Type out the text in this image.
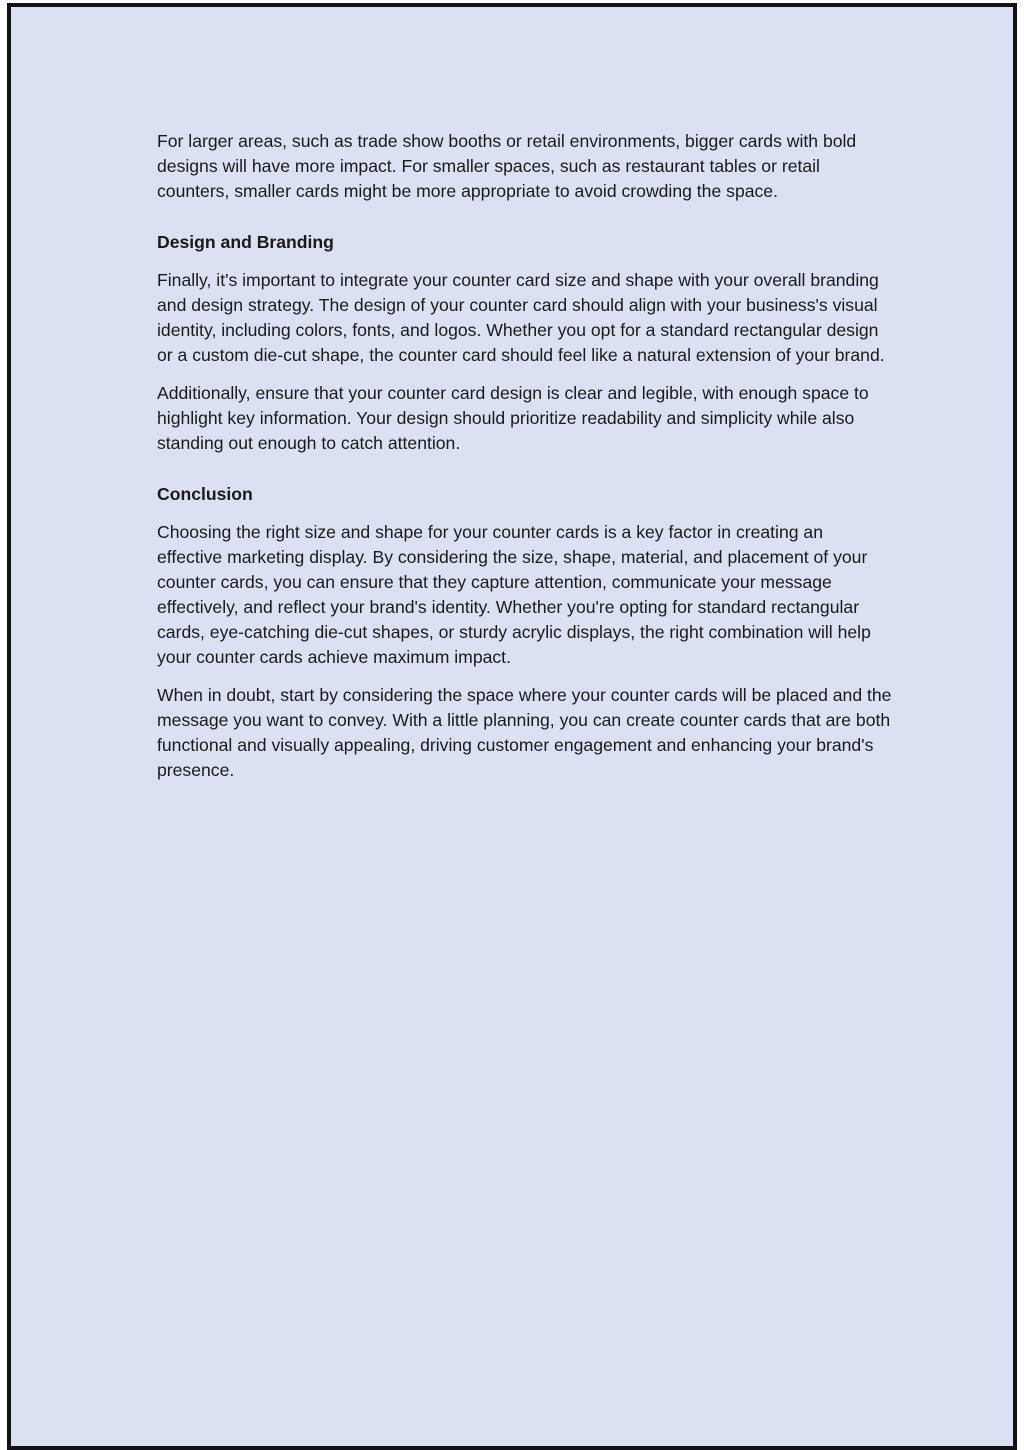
For larger areas, such as trade show booths or retail environments, bigger cards with bold designs will have more impact. For smaller spaces, such as restaurant tables or retail counters, smaller cards might be more appropriate to avoid crowding the space.

Design and Branding

Finally, it's important to integrate your counter card size and shape with your overall branding and design strategy. The design of your counter card should align with your business's visual identity, including colors, fonts, and logos. Whether you opt for a standard rectangular design or a custom die-cut shape, the counter card should feel like a natural extension of your brand.

Additionally, ensure that your counter card design is clear and legible, with enough space to highlight key information. Your design should prioritize readability and simplicity while also standing out enough to catch attention.

Conclusion

Choosing the right size and shape for your counter cards is a key factor in creating an effective marketing display. By considering the size, shape, material, and placement of your counter cards, you can ensure that they capture attention, communicate your message effectively, and reflect your brand's identity. Whether you're opting for standard rectangular cards, eye-catching die-cut shapes, or sturdy acrylic displays, the right combination will help your counter cards achieve maximum impact.

When in doubt, start by considering the space where your counter cards will be placed and the message you want to convey. With a little planning, you can create counter cards that are both functional and visually appealing, driving customer engagement and enhancing your brand's presence.
